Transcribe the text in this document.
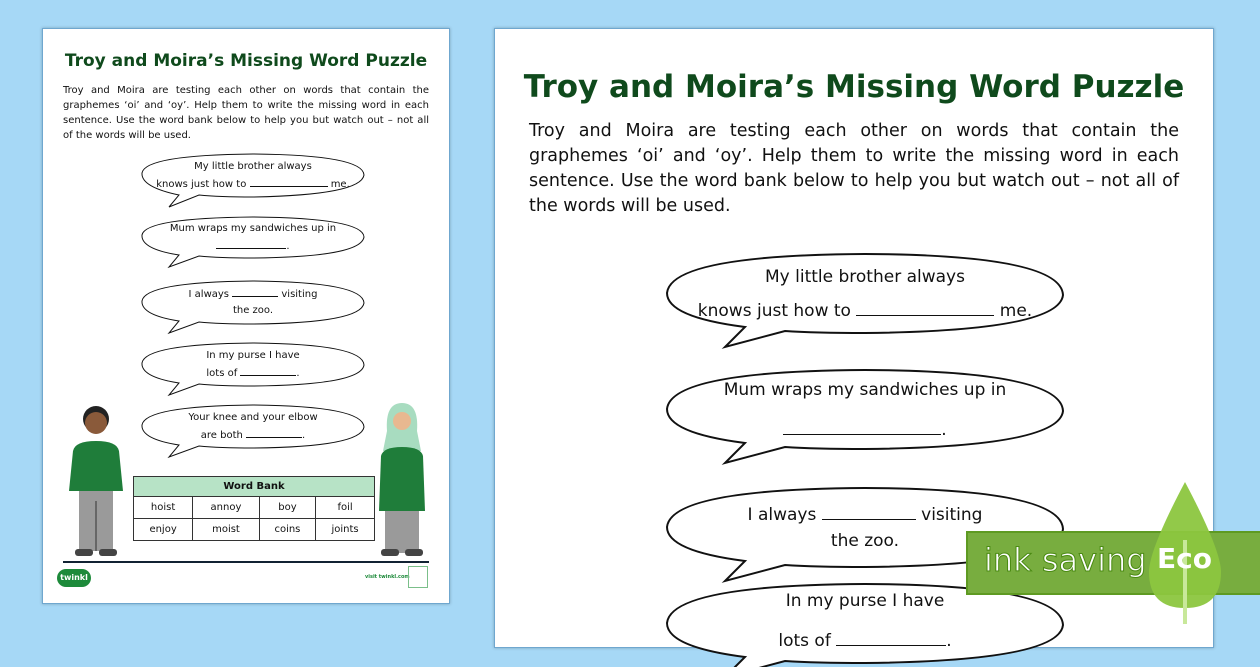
Troy and Moira’s Missing Word Puzzle
Troy and Moira are testing each other on words that contain the graphemes ‘oi’ and ‘oy’. Help them to write the missing word in each sentence. Use the word bank below to help you but watch out – not all of the words will be used.
My little brother always
knows just how to	me.
Mum wraps my sandwiches up in
.
I always	visiting
the zoo.
In my purse I have
lots of	.
Your knee and your elbow
are both	.
Word Bank			
hoist	annoy	boy	foil
enjoy	moist	coins	joints
twinkl	visit twinkl.com
Troy and Moira’s Missing Word Puzzle
Troy and Moira are testing each other on words that contain the graphemes ‘oi’ and ‘oy’. Help them to write the missing word in each sentence. Use the word bank below to help you but watch out – not all of the words will be used.
My little brother always
knows just how to	me.
Mum wraps my sandwiches up in
.
I always	visiting
the zoo.
In my purse I have
lots of	.
ink saving Eco
